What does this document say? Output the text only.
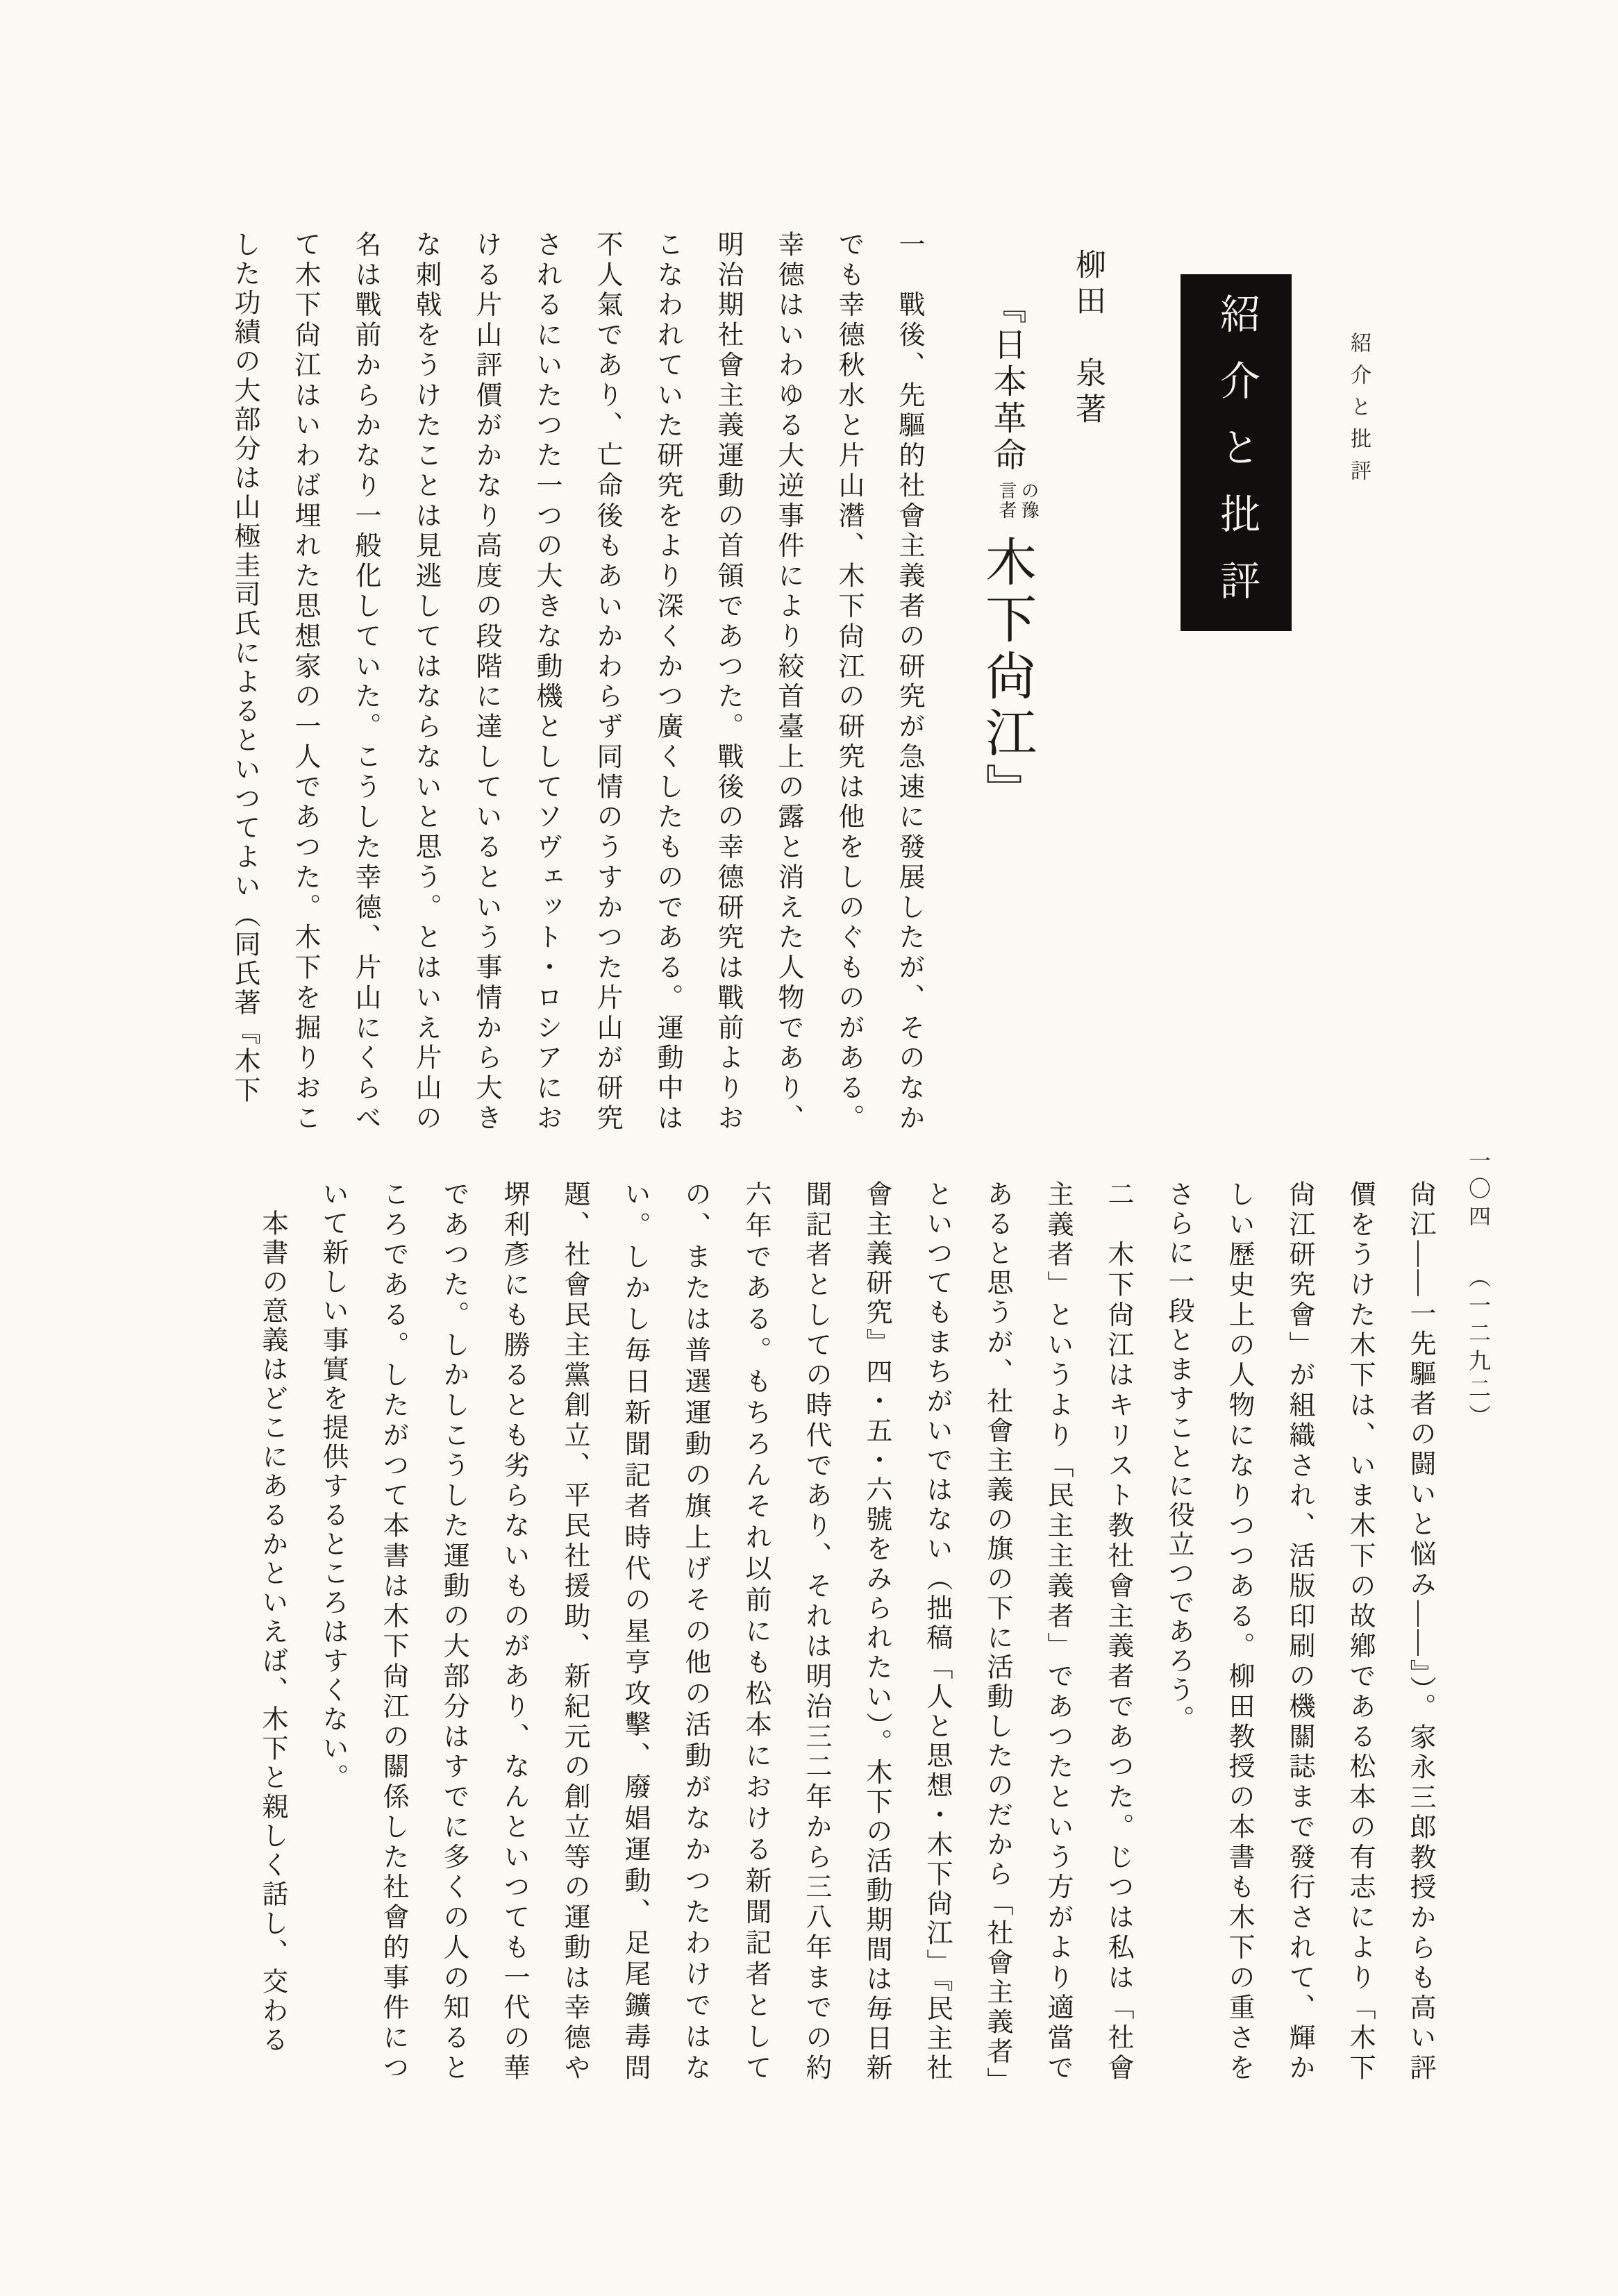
紹介と批評
紹介と批評
柳田　泉著
『日本革命の豫言者木下尙江』

一　戰後、先驅的社會主義者の研究が急速に發展したが、そのなかでも幸德秋水と片山潛、木下尙江の研究は他をしのぐものがある。幸德はいわゆる大逆事件により絞首臺上の露と消えた人物であり、明治期社會主義運動の首領であつた。戰後の幸德研究は戰前よりおこなわれていた研究をより深くかつ廣くしたものである。運動中は不人氣であり、亡命後もあいかわらず同情のうすかつた片山が研究されるにいたつた一つの大きな動機としてソヴェット・ロシアにおける片山評價がかなり高度の段階に達しているという事情から大きな刺戟をうけたことは見逃してはならないと思う。とはいえ片山の名は戰前からかなり一般化していた。こうした幸德、片山にくらべて木下尙江はいわば埋れた思想家の一人であつた。木下を掘りおこした功績の大部分は山極圭司氏によるといつてよい（同氏著『木下

一〇四（一二九二）

尙江――一先驅者の闘いと悩み――』）。家永三郎教授からも高い評價をうけた木下は、いま木下の故鄕である松本の有志により「木下尙江研究會」が組織され、活版印刷の機關誌まで發行されて、輝かしい歷史上の人物になりつつある。柳田教授の本書も木下の重さをさらに一段とますことに役立つであろう。

二　木下尙江はキリスト教社會主義者であつた。じつは私は「社會主義者」というより「民主主義者」であつたという方がより適當であると思うが、社會主義の旗の下に活動したのだから「社會主義者」といつてもまちがいではない（拙稿「人と思想・木下尙江」『民主社會主義研究』四・五・六號をみられたい）。木下の活動期間は毎日新聞記者としての時代であり、それは明治三二年から三八年までの約六年である。もちろんそれ以前にも松本における新聞記者としての、または普選運動の旗上げその他の活動がなかつたわけではない。しかし毎日新聞記者時代の星亨攻擊、廢娼運動、足尾鑛毒問題、社會民主黨創立、平民社援助、新紀元の創立等の運動は幸德や堺利彥にも勝るとも劣らないものがあり、なんといつても一代の華であつた。しかしこうした運動の大部分はすでに多くの人の知るところである。したがつて本書は木下尙江の關係した社會的事件について新しい事實を提供するところはすくない。

　本書の意義はどこにあるかといえば、木下と親しく話し、交わる
